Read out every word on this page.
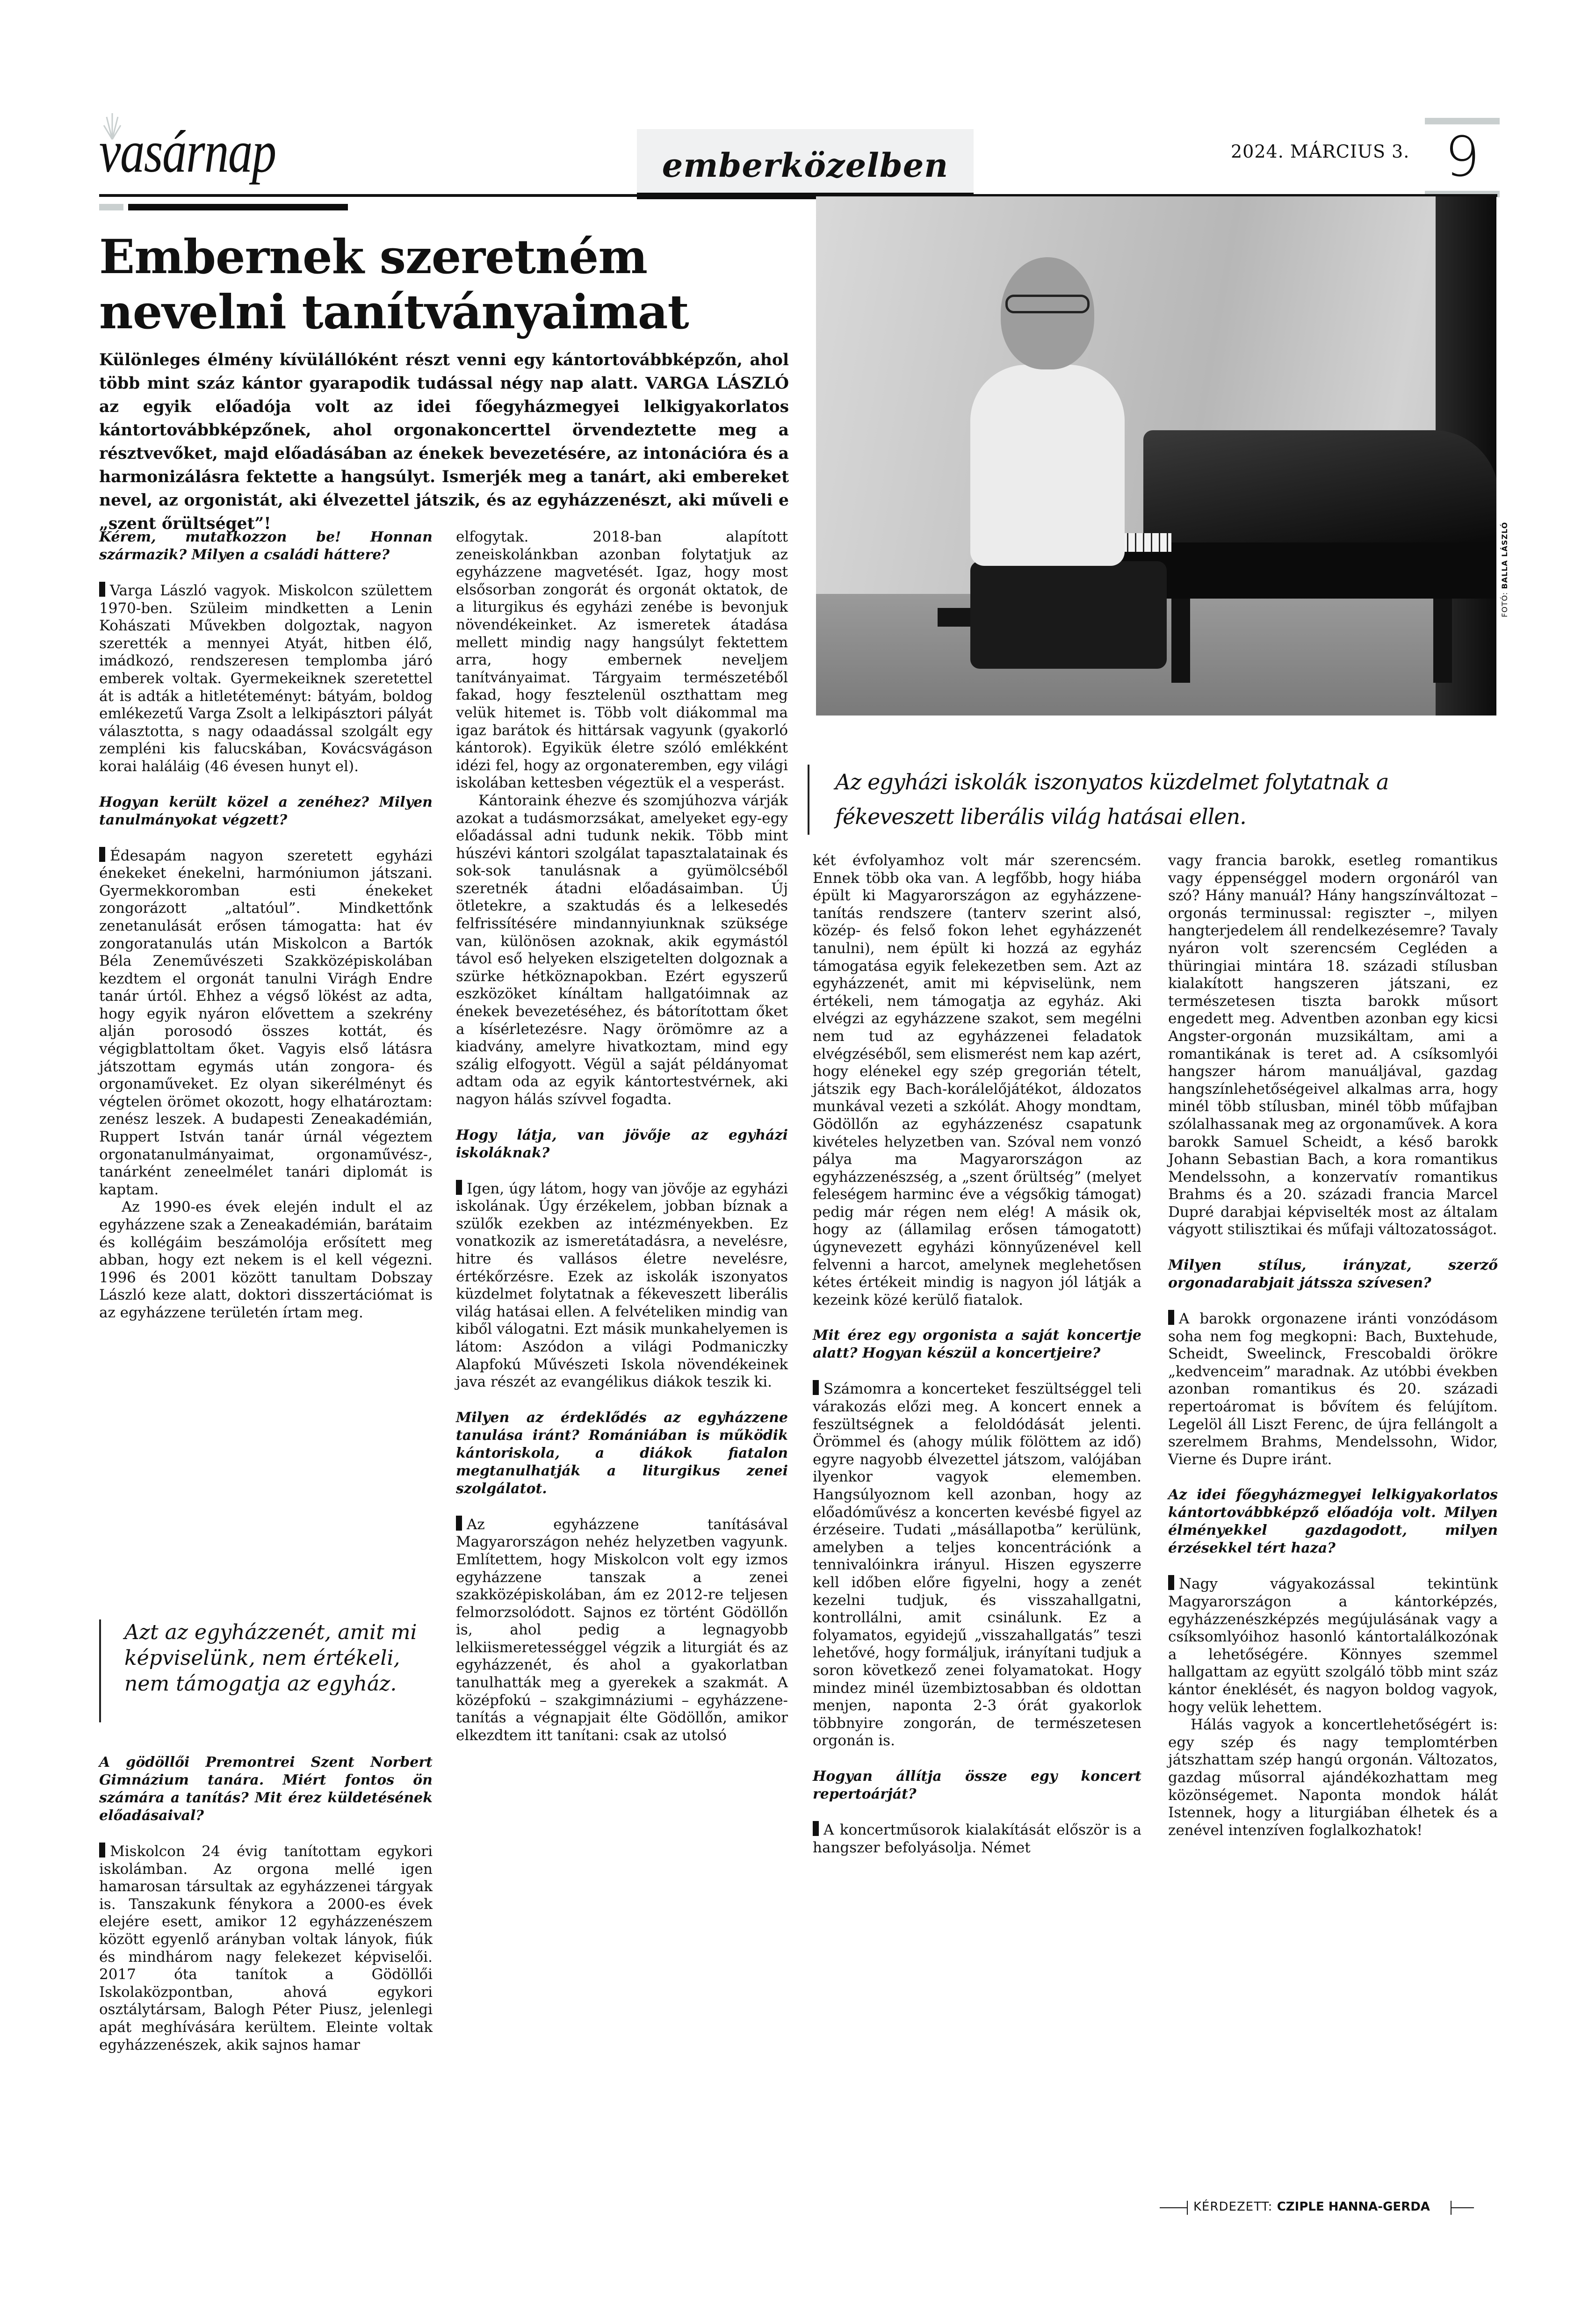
vasárnap	emberközelben	2024. MÁRCIUS 3. 9
Embernek szeretném nevelni tanítványaimat

Különleges élmény kívülállóként részt venni egy kántortovábbképzőn, ahol több mint száz kántor gyarapodik tudással négy nap alatt. VARGA LÁSZLÓ az egyik előadója volt az idei főegyházmegyei lelkigyakorlatos kántortovábbképzőnek, ahol orgonakoncerttel örvendeztette meg a résztvevőket, majd előadásában az énekek bevezetésére, az intonációra és a harmonizálásra fektette a hangsúlyt. Ismerjék meg a tanárt, aki embereket nevel, az orgonistát, aki élvezettel játszik, és az egyházzenészt, aki műveli e „szent őrültséget”!

FOTÓ: BALLA LÁSZLÓ
Az egyházi iskolák iszonyatos küzdelmet folytatnak a fékeveszett liberális világ hatásai ellen.

Kérem, mutatkozzon be! Honnan származik? Milyen a családi háttere?

Varga László vagyok. Miskolcon születtem 1970-ben. Szüleim mindketten a Lenin Kohászati Művekben dolgoztak, nagyon szerették a mennyei Atyát, hitben élő, imádkozó, rendszeresen templomba járó emberek voltak. Gyermekeiknek szeretettel át is adták a hitletéteményt: bátyám, boldog emlékezetű Varga Zsolt a lelkipásztori pályát választotta, s nagy odaadással szolgált egy zempléni kis falucskában, Kovácsvágáson korai haláláig (46 évesen hunyt el).

Hogyan került közel a zenéhez? Milyen tanulmányokat végzett?

Édesapám nagyon szeretett egyházi énekeket énekelni, harmóniumon játszani. Gyermekkoromban esti énekeket zongorázott „altatóul”. Mindkettőnk zenetanulását erősen támogatta: hat év zongoratanulás után Miskolcon a Bartók Béla Zeneművészeti Szakközépiskolában kezdtem el orgonát tanulni Virágh Endre tanár úrtól. Ehhez a végső lökést az adta, hogy egyik nyáron elővettem a szekrény alján porosodó összes kottát, és végigblattoltam őket. Vagyis első látásra játszottam egymás után zongora- és orgonaműveket. Ez olyan sikerélményt és végtelen örömet okozott, hogy elhatároztam: zenész leszek. A budapesti Zeneakadémián, Ruppert István tanár úrnál végeztem orgonatanulmányaimat, orgonaművész-, tanárként zeneelmélet tanári diplomát is kaptam.

Az 1990-es évek elején indult el az egyházzene szak a Zeneakadémián, barátaim és kollégáim beszámolója erősített meg abban, hogy ezt nekem is el kell végezni. 1996 és 2001 között tanultam Dobszay László keze alatt, doktori disszertációmat is az egyházzene területén írtam meg.

Azt az egyházzenét, amit mi képviselünk, nem értékeli, nem támogatja az egyház.

A gödöllői Premontrei Szent Norbert Gimnázium tanára. Miért fontos ön számára a tanítás? Mit érez küldetésének előadásaival?

Miskolcon 24 évig tanítottam egykori iskolámban. Az orgona mellé igen hamarosan társultak az egyházzenei tárgyak is. Tanszakunk fénykora a 2000-es évek elejére esett, amikor 12 egyházzenészem között egyenlő arányban voltak lányok, fiúk és mindhárom nagy felekezet képviselői. 2017 óta tanítok a Gödöllői Iskolaközpontban, ahová egykori osztálytársam, Balogh Péter Piusz, jelenlegi apát meghívására kerültem. Eleinte voltak egyházzenészek, akik sajnos hamar

elfogytak. 2018-ban alapított zeneiskolánkban azonban folytatjuk az egyházzene magvetését. Igaz, hogy most elsősorban zongorát és orgonát oktatok, de a liturgikus és egyházi zenébe is bevonjuk növendékeinket. Az ismeretek átadása mellett mindig nagy hangsúlyt fektettem arra, hogy embernek neveljem tanítványaimat. Tárgyaim természetéből fakad, hogy fesztelenül oszthattam meg velük hitemet is. Több volt diákommal ma igaz barátok és hittársak vagyunk (gyakorló kántorok). Egyikük életre szóló emlékként idézi fel, hogy az orgonateremben, egy világi iskolában kettesben végeztük el a vesperást.

Kántoraink éhezve és szomjúhozva várják azokat a tudásmorzsákat, amelyeket egy-egy előadással adni tudunk nekik. Több mint húszévi kántori szolgálat tapasztalatainak és sok-sok tanulásnak a gyümölcséből szeretnék átadni előadásaimban. Új ötletekre, a szaktudás és a lelkesedés felfrissítésére mindannyiunknak szüksége van, különösen azoknak, akik egymástól távol eső helyeken elszigetelten dolgoznak a szürke hétköznapokban. Ezért egyszerű eszközöket kínáltam hallgatóimnak az énekek bevezetéséhez, és bátorítottam őket a kísérletezésre. Nagy örömömre az a kiadvány, amelyre hivatkoztam, mind egy szálig elfogyott. Végül a saját példányomat adtam oda az egyik kántortestvérnek, aki nagyon hálás szívvel fogadta.

Hogy látja, van jövője az egyházi iskoláknak?

Igen, úgy látom, hogy van jövője az egyházi iskolának. Úgy érzékelem, jobban bíznak a szülők ezekben az intézményekben. Ez vonatkozik az ismeretátadásra, a nevelésre, hitre és vallásos életre nevelésre, értékőrzésre. Ezek az iskolák iszonyatos küzdelmet folytatnak a fékeveszett liberális világ hatásai ellen. A felvételiken mindig van kiből válogatni. Ezt másik munkahelyemen is látom: Aszódon a világi Podmaniczky Alapfokú Művészeti Iskola növendékeinek java részét az evangélikus diákok teszik ki.

Milyen az érdeklődés az egyházzene tanulása iránt? Romániában is működik kántoriskola, a diákok fiatalon megtanulhatják a liturgikus zenei szolgálatot.

Az egyházzene tanításával Magyarországon nehéz helyzetben vagyunk. Említettem, hogy Miskolcon volt egy izmos egyházzene tanszak a zenei szakközépiskolában, ám ez 2012-re teljesen felmorzsolódott. Sajnos ez történt Gödöllőn is, ahol pedig a legnagyobb lelkiismeretességgel végzik a liturgiát és az egyházzenét, és ahol a gyakorlatban tanulhatták meg a gyerekek a szakmát. A középfokú – szakgimnáziumi – egyházzene-tanítás a végnapjait élte Gödöllőn, amikor elkezdtem itt tanítani: csak az utolsó

két évfolyamhoz volt már szerencsém. Ennek több oka van. A legfőbb, hogy hiába épült ki Magyarországon az egyházzene-tanítás rendszere (tanterv szerint alsó, közép- és felső fokon lehet egyházzenét tanulni), nem épült ki hozzá az egyház támogatása egyik felekezetben sem. Azt az egyházzenét, amit mi képviselünk, nem értékeli, nem támogatja az egyház. Aki elvégzi az egyházzene szakot, sem megélni nem tud az egyházzenei feladatok elvégzéséből, sem elismerést nem kap azért, hogy elénekel egy szép gregorián tételt, játszik egy Bach-korálelőjátékot, áldozatos munkával vezeti a szkólát. Ahogy mondtam, Gödöllőn az egyházzenész csapatunk kivételes helyzetben van. Szóval nem vonzó pálya ma Magyarországon az egyházzenészség, a „szent őrültség” (melyet feleségem harminc éve a végsőkig támogat) pedig már régen nem elég! A másik ok, hogy az (államilag erősen támogatott) úgynevezett egyházi könnyűzenével kell felvenni a harcot, amelynek meglehetősen kétes értékeit mindig is nagyon jól látják a kezeink közé kerülő fiatalok.

Mit érez egy orgonista a saját koncertje alatt? Hogyan készül a koncertjeire?

Számomra a koncerteket feszültséggel teli várakozás előzi meg. A koncert ennek a feszültségnek a feloldódását jelenti. Örömmel és (ahogy múlik fölöttem az idő) egyre nagyobb élvezettel játszom, valójában ilyenkor vagyok elememben. Hangsúlyoznom kell azonban, hogy az előadóművész a koncerten kevésbé figyel az érzéseire. Tudati „másállapotba” kerülünk, amelyben a teljes koncentrációnk a tennivalóinkra irányul. Hiszen egyszerre kell időben előre figyelni, hogy a zenét kezelni tudjuk, és visszahallgatni, kontrollálni, amit csinálunk. Ez a folyamatos, egyidejű „visszahallgatás” teszi lehetővé, hogy formáljuk, irányítani tudjuk a soron következő zenei folyamatokat. Hogy mindez minél üzembiztosabban és oldottan menjen, naponta 2-3 órát gyakorlok többnyire zongorán, de természetesen orgonán is.

Hogyan állítja össze egy koncert repertoárját?

A koncertműsorok kialakítását először is a hangszer befolyásolja. Német

vagy francia barokk, esetleg romantikus vagy éppenséggel modern orgonáról van szó? Hány manuál? Hány hangszínváltozat – orgonás terminussal: regiszter –, milyen hangterjedelem áll rendelkezésemre? Tavaly nyáron volt szerencsém Cegléden a thüringiai mintára 18. századi stílusban kialakított hangszeren játszani, ez természetesen tiszta barokk műsort engedett meg. Adventben azonban egy kicsi Angster-orgonán muzsikáltam, ami a romantikának is teret ad. A csíksomlyói hangszer három manuáljával, gazdag hangszínlehetőségeivel alkalmas arra, hogy minél több stílusban, minél több műfajban szólalhassanak meg az orgonaművek. A kora barokk Samuel Scheidt, a késő barokk Johann Sebastian Bach, a kora romantikus Mendelssohn, a konzervatív romantikus Brahms és a 20. századi francia Marcel Dupré darabjai képviselték most az általam vágyott stilisztikai és műfaji változatosságot.

Milyen stílus, irányzat, szerző orgonadarabjait játssza szívesen?

A barokk orgonazene iránti vonzódásom soha nem fog megkopni: Bach, Buxtehude, Scheidt, Sweelinck, Frescobaldi örökre „kedvenceim” maradnak. Az utóbbi években azonban romantikus és 20. századi repertoáromat is bővítem és felújítom. Legelöl áll Liszt Ferenc, de újra fellángolt a szerelmem Brahms, Mendelssohn, Widor, Vierne és Dupre iránt.

Az idei főegyházmegyei lelkigyakorlatos kántortovábbképző előadója volt. Milyen élményekkel gazdagodott, milyen érzésekkel tért haza?

Nagy vágyakozással tekintünk Magyarországon a kántorképzés, egyházzenészképzés megújulásának vagy a csíksomlyóihoz hasonló kántortalálkozónak a lehetőségére. Könnyes szemmel hallgattam az együtt szolgáló több mint száz kántor éneklését, és nagyon boldog vagyok, hogy velük lehettem.

Hálás vagyok a koncertlehetőségért is: egy szép és nagy templomtérben játszhattam szép hangú orgonán. Változatos, gazdag műsorral ajándékozhattam meg közönségemet. Naponta mondok hálát Istennek, hogy a liturgiában élhetek és a zenével intenzíven foglalkozhatok!

KÉRDEZETT: CZIPLE HANNA-GERDA
